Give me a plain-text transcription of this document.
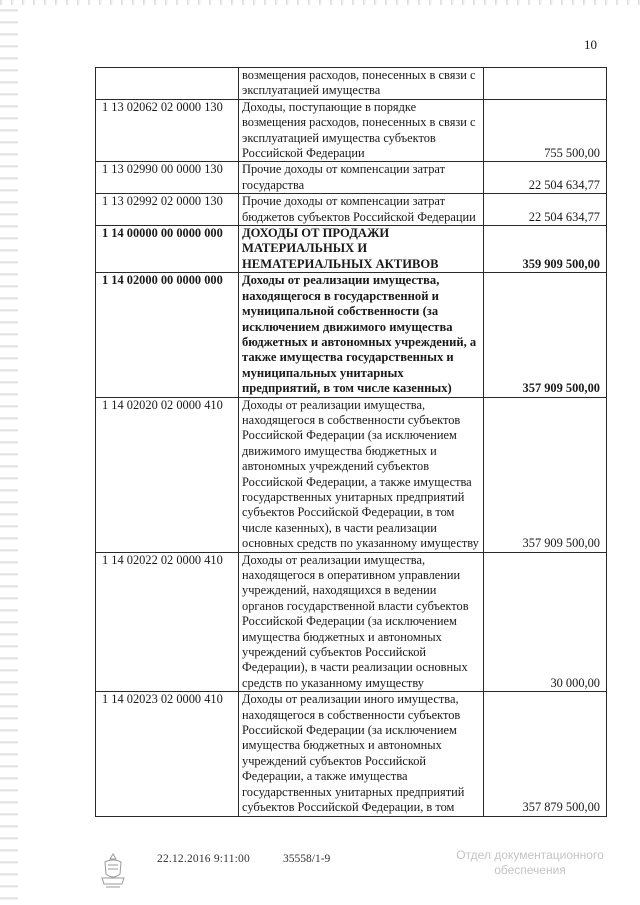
10
	возмещения расходов, понесенных в связи с эксплуатацией имущества	
1 13 02062 02 0000 130	Доходы, поступающие в порядке возмещения расходов, понесенных в связи с эксплуатацией имущества субъектов Российской Федерации	755 500,00
1 13 02990 00 0000 130	Прочие доходы от компенсации затрат государства	22 504 634,77
1 13 02992 02 0000 130	Прочие доходы от компенсации затрат бюджетов субъектов Российской Федерации	22 504 634,77
1 14 00000 00 0000 000	ДОХОДЫ ОТ ПРОДАЖИ МАТЕРИАЛЬНЫХ И НЕМАТЕРИАЛЬНЫХ АКТИВОВ	359 909 500,00
1 14 02000 00 0000 000	Доходы от реализации имущества, находящегося в государственной и муниципальной собственности (за исключением движимого имущества бюджетных и автономных учреждений, а также имущества государственных и муниципальных унитарных предприятий, в том числе казенных)	357 909 500,00
1 14 02020 02 0000 410	Доходы от реализации имущества, находящегося в собственности субъектов Российской Федерации (за исключением движимого имущества бюджетных и автономных учреждений субъектов Российской Федерации, а также имущества государственных унитарных предприятий субъектов Российской Федерации, в том числе казенных), в части реализации основных средств по указанному имуществу	357 909 500,00
1 14 02022 02 0000 410	Доходы от реализации имущества, находящегося в оперативном управлении учреждений, находящихся в ведении органов государственной власти субъектов Российской Федерации (за исключением имущества бюджетных и автономных учреждений субъектов Российской Федерации), в части реализации основных средств по указанному имуществу	30 000,00
1 14 02023 02 0000 410	Доходы от реализации иного имущества, находящегося в собственности субъектов Российской Федерации (за исключением имущества бюджетных и автономных учреждений субъектов Российской Федерации, а также имущества государственных унитарных предприятий субъектов Российской Федерации, в том	357 879 500,00
22.12.2016 9:11:00	35558/1-9	Отдел документационного обеспечения
